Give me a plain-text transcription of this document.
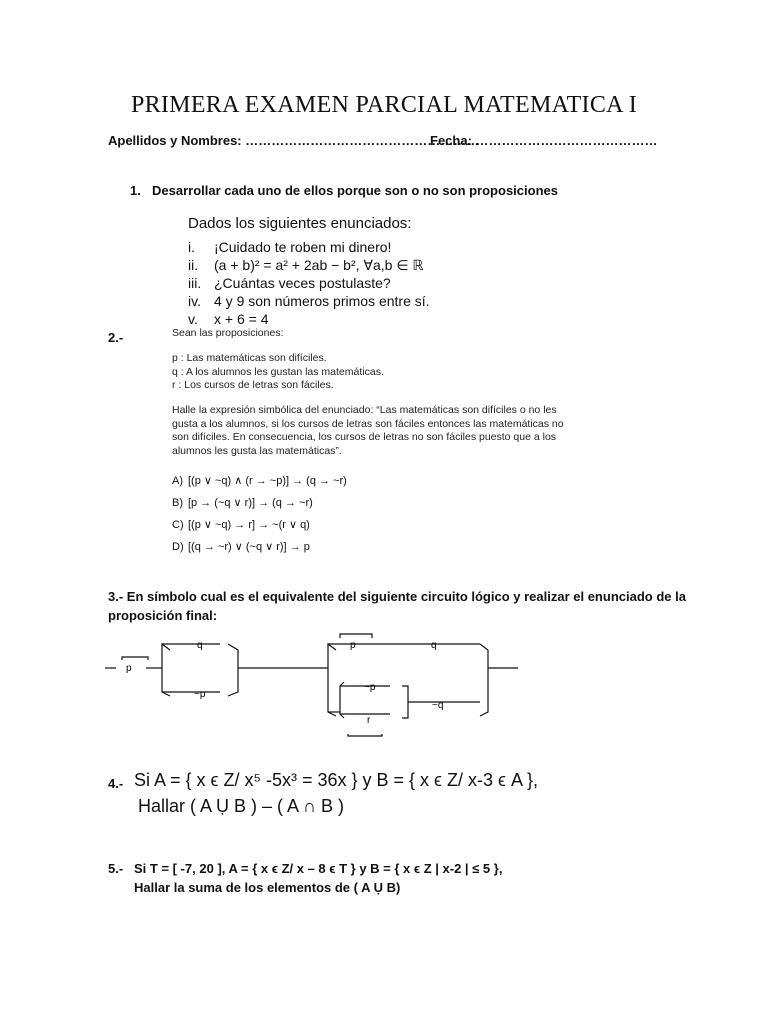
PRIMERA EXAMEN PARCIAL MATEMATICA I
Apellidos y Nombres: ………………………………………………
Fecha: ……………………………………
1. Desarrollar cada uno de ellos porque son o no son proposiciones
Dados los siguientes enunciados:
i. ¡Cuidado te roben mi dinero!
ii. (a + b)² = a² + 2ab − b², ∀a,b ∈ ℝ
iii. ¿Cuántas veces postulaste?
iv. 4 y 9 son números primos entre sí.
v. x + 6 = 4
2.-	Sean las proposiciones:
p : Las matemáticas son difíciles.
q : A los alumnos les gustan las matemáticas.
r : Los cursos de letras son fáciles.
Halle la expresión simbólica del enunciado: “Las matemáticas son difíciles o no les
gusta a los alumnos, si los cursos de letras son fáciles entonces las matemáticas no
son difíciles. En consecuencia, los cursos de letras no son fáciles puesto que a los
alumnos les gusta las matemáticas”.
A) [(p ∨ ~q) ∧ (r → ~p)] → (q → ~r)
B) [p → (~q ∨ r)] → (q → ~r)
C) [(p ∨ ~q) → r] → ~(r ∨ q)
D) [(q → ~r) ∨ (~q ∨ r)] → p
3.- En símbolo cual es el equivalente del siguiente circuito lógico y realizar el enunciado de la
proposición final:
p
q
~p
p	q
~p
r
~q
4.- Si A = { x ϵ Z/ x⁵ -5x³ = 36x } y B = { x ϵ Z/ x-3 ϵ A },
Hallar ( A Ụ B ) – ( A ∩ B )
5.- Si T = [ -7, 20 ], A = { x ϵ Z/ x – 8 ϵ T } y B = { x ϵ Z | x-2 | ≤ 5 },
Hallar la suma de los elementos de ( A Ụ B)
